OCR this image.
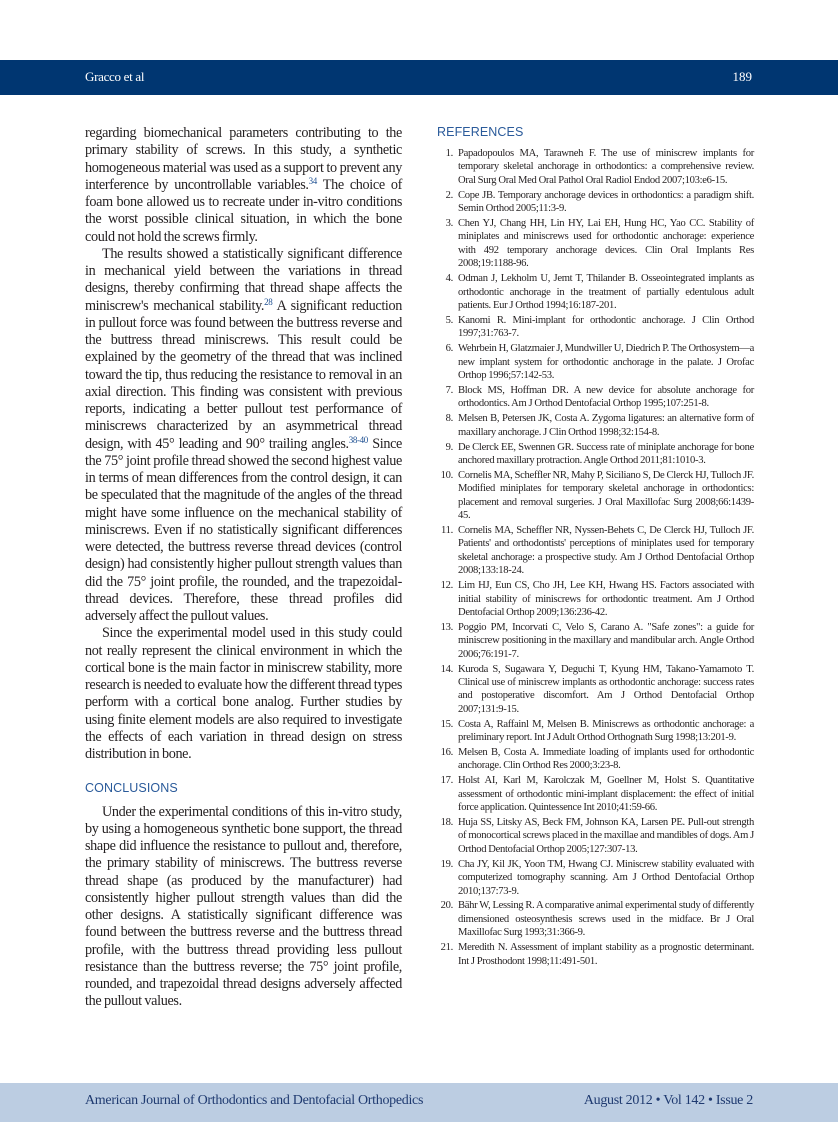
Gracco et al	189

regarding biomechanical parameters contributing to the primary stability of screws. In this study, a synthetic homogeneous material was used as a support to prevent any interference by uncontrollable variables.$^{34}$ The choice of foam bone allowed us to recreate under in-vitro conditions the worst possible clinical situation, in which the bone could not hold the screws firmly.

The results showed a statistically significant difference in mechanical yield between the variations in thread designs, thereby confirming that thread shape affects the miniscrew's mechanical stability.$^{28}$ A significant reduction in pullout force was found between the buttress reverse and the buttress thread miniscrews. This result could be explained by the geometry of the thread that was inclined toward the tip, thus reducing the resistance to removal in an axial direction. This finding was consistent with previous reports, indicating a better pullout test performance of miniscrews characterized by an asymmetrical thread design, with 45° leading and 90° trailing angles.$^{38-40}$ Since the 75° joint profile thread showed the second highest value in terms of mean differences from the control design, it can be speculated that the magnitude of the angles of the thread might have some influence on the mechanical stability of miniscrews. Even if no statistically significant differences were detected, the buttress reverse thread devices (control design) had consistently higher pullout strength values than did the 75° joint profile, the rounded, and the trapezoidal-thread devices. Therefore, these thread profiles did adversely affect the pullout values.

Since the experimental model used in this study could not really represent the clinical environment in which the cortical bone is the main factor in miniscrew stability, more research is needed to evaluate how the different thread types perform with a cortical bone analog. Further studies by using finite element models are also required to investigate the effects of each variation in thread design on stress distribution in bone.

CONCLUSIONS

Under the experimental conditions of this in-vitro study, by using a homogeneous synthetic bone support, the thread shape did influence the resistance to pullout and, therefore, the primary stability of miniscrews. The buttress reverse thread shape (as produced by the manufacturer) had consistently higher pullout strength values than did the other designs. A statistically significant difference was found between the buttress reverse and the buttress thread profile, with the buttress thread providing less pullout resistance than the buttress reverse; the 75° joint profile, rounded, and trapezoidal thread designs adversely affected the pullout values.

REFERENCES
1. Papadopoulos MA, Tarawneh F. The use of miniscrew implants for temporary skeletal anchorage in orthodontics: a comprehensive review. Oral Surg Oral Med Oral Pathol Oral Radiol Endod 2007;103:e6-15.
2. Cope JB. Temporary anchorage devices in orthodontics: a paradigm shift. Semin Orthod 2005;11:3-9.
3. Chen YJ, Chang HH, Lin HY, Lai EH, Hung HC, Yao CC. Stability of miniplates and miniscrews used for orthodontic anchorage: experience with 492 temporary anchorage devices. Clin Oral Implants Res 2008;19:1188-96.
4. Odman J, Lekholm U, Jemt T, Thilander B. Osseointegrated implants as orthodontic anchorage in the treatment of partially edentulous adult patients. Eur J Orthod 1994;16:187-201.
5. Kanomi R. Mini-implant for orthodontic anchorage. J Clin Orthod 1997;31:763-7.
6. Wehrbein H, Glatzmaier J, Mundwiller U, Diedrich P. The Orthosystem—a new implant system for orthodontic anchorage in the palate. J Orofac Orthop 1996;57:142-53.
7. Block MS, Hoffman DR. A new device for absolute anchorage for orthodontics. Am J Orthod Dentofacial Orthop 1995;107:251-8.
8. Melsen B, Petersen JK, Costa A. Zygoma ligatures: an alternative form of maxillary anchorage. J Clin Orthod 1998;32:154-8.
9. De Clerck EE, Swennen GR. Success rate of miniplate anchorage for bone anchored maxillary protraction. Angle Orthod 2011;81:1010-3.
10. Cornelis MA, Scheffler NR, Mahy P, Siciliano S, De Clerck HJ, Tulloch JF. Modified miniplates for temporary skeletal anchorage in orthodontics: placement and removal surgeries. J Oral Maxillofac Surg 2008;66:1439-45.
11. Cornelis MA, Scheffler NR, Nyssen-Behets C, De Clerck HJ, Tulloch JF. Patients' and orthodontists' perceptions of miniplates used for temporary skeletal anchorage: a prospective study. Am J Orthod Dentofacial Orthop 2008;133:18-24.
12. Lim HJ, Eun CS, Cho JH, Lee KH, Hwang HS. Factors associated with initial stability of miniscrews for orthodontic treatment. Am J Orthod Dentofacial Orthop 2009;136:236-42.
13. Poggio PM, Incorvati C, Velo S, Carano A. "Safe zones": a guide for miniscrew positioning in the maxillary and mandibular arch. Angle Orthod 2006;76:191-7.
14. Kuroda S, Sugawara Y, Deguchi T, Kyung HM, Takano-Yamamoto T. Clinical use of miniscrew implants as orthodontic anchorage: success rates and postoperative discomfort. Am J Orthod Dentofacial Orthop 2007;131:9-15.
15. Costa A, Raffainl M, Melsen B. Miniscrews as orthodontic anchorage: a preliminary report. Int J Adult Orthod Orthognath Surg 1998;13:201-9.
16. Melsen B, Costa A. Immediate loading of implants used for orthodontic anchorage. Clin Orthod Res 2000;3:23-8.
17. Holst AI, Karl M, Karolczak M, Goellner M, Holst S. Quantitative assessment of orthodontic mini-implant displacement: the effect of initial force application. Quintessence Int 2010;41:59-66.
18. Huja SS, Litsky AS, Beck FM, Johnson KA, Larsen PE. Pull-out strength of monocortical screws placed in the maxillae and mandibles of dogs. Am J Orthod Dentofacial Orthop 2005;127:307-13.
19. Cha JY, Kil JK, Yoon TM, Hwang CJ. Miniscrew stability evaluated with computerized tomography scanning. Am J Orthod Dentofacial Orthop 2010;137:73-9.
20. Bähr W, Lessing R. A comparative animal experimental study of differently dimensioned osteosynthesis screws used in the midface. Br J Oral Maxillofac Surg 1993;31:366-9.
21. Meredith N. Assessment of implant stability as a prognostic determinant. Int J Prosthodont 1998;11:491-501.
American Journal of Orthodontics and Dentofacial Orthopedics	August 2012 • Vol 142 • Issue 2
